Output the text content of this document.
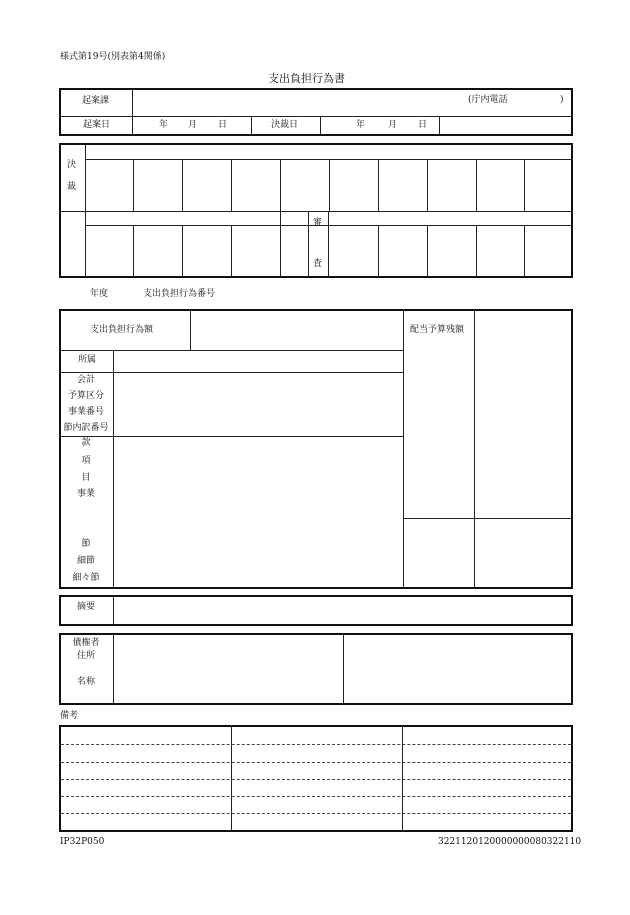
様式第19号(別表第4関係)
支出負担行為書
起案課	(庁内電話	)
起案日	年 月 日	決裁日	年	月 日
決
裁
審
査
年度	支出負担行為番号
支出負担行為額	配当予算残額
所属
会計
予算区分
事業番号
節内訳番号
款
項
目
事業
節
細節
細々節
摘要
債権者
住所
名称
備考
IP32P050	3221120120000000080322110
